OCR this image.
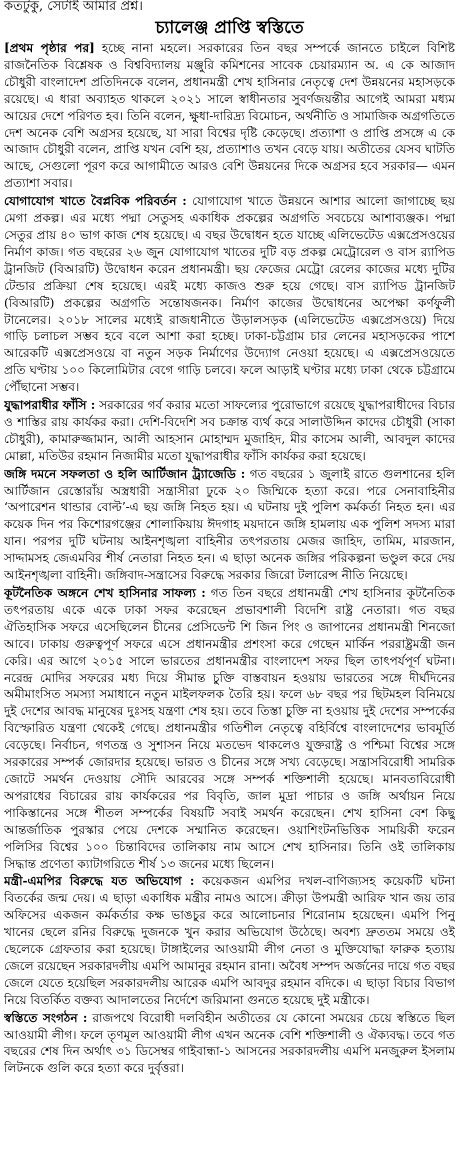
কতটুকু, সেটাই আমার প্রশ্ন।
চ্যালেঞ্জ প্রাপ্তি স্বস্তিতে

[প্রথম পৃষ্ঠার পর] হচ্ছে নানা মহলে। সরকারের তিন বছর সম্পর্কে জানতে চাইলে বিশিষ্ট রাজনৈতিক বিশ্লেষক ও বিশ্ববিদ্যালয় মঞ্জুরি কমিশনের সাবেক চেয়ারম্যান অ. এ কে আজাদ চৌধুরী বাংলাদেশ প্রতিদিনকে বলেন, প্রধানমন্ত্রী শেখ হাসিনার নেতৃত্বে দেশ উন্নয়নের মহাসড়কে রয়েছে। এ ধারা অব্যাহত থাকলে ২০২১ সালে স্বাধীনতার সুবর্ণজয়ন্তীর আগেই আমরা মধ্যম আয়ের দেশে পরিণত হব। তিনি বলেন, ক্ষুধা-দারিদ্র্য বিমোচন, অর্থনীতি ও সামাজিক অগ্রগতিতে দেশ অনেক বেশি অগ্রসর হয়েছে, যা সারা বিশ্বের দৃষ্টি কেড়েছে। প্রত্যাশা ও প্রাপ্তি প্রসঙ্গে এ কে আজাদ চৌধুরী বলেন, প্রাপ্তি যখন বেশি হয়, প্রত্যাশাও তখন বেড়ে যায়। অতীতের যেসব ঘাটতি আছে, সেগুলো পূরণ করে আগামীতে আরও বেশি উন্নয়নের দিকে অগ্রসর হবে সরকার— এমন প্রত্যাশা সবার।

যোগাযোগ খাতে বৈপ্লবিক পরিবর্তন : যোগাযোগ খাতে উন্নয়নে আশার আলো জাগাচ্ছে ছয় মেগা প্রকল্প। এর মধ্যে পদ্মা সেতুসহ একাধিক প্রকল্পের অগ্রগতি সবচেয়ে আশাব্যঞ্জক। পদ্মা সেতুর প্রায় ৪০ ভাগ কাজ শেষ হয়েছে। এ বছর উদ্বোধন হতে যাচ্ছে এলিভেটেড এক্সপ্রেসওয়ের নির্মাণ কাজ। গত বছরের ২৬ জুন যোগাযোগ খাতের দুটি বড় প্রকল্প মেট্রোরেল ও বাস র‍্যাপিড ট্রানজিট (বিআরটি) উদ্বোধন করেন প্রধানমন্ত্রী। ছয় ফেজের মেট্রো রেলের কাজের মধ্যে দুটির টেন্ডার প্রক্রিয়া শেষ হয়েছে। এরই মধ্যে কাজও শুরু হয়ে গেছে। বাস র‍্যাপিড ট্রানজিট (বিআরটি) প্রকল্পের অগ্রগতি সন্তোষজনক। নির্মাণ কাজের উদ্বোধনের অপেক্ষা কর্ণফুলী টানেলের। ২০১৮ সালের মধ্যেই রাজধানীতে উড়ালসড়ক (এলিভেটেড এক্সপ্রেসওয়ে) দিয়ে গাড়ি চলাচল সম্ভব হবে বলে আশা করা হচ্ছে। ঢাকা-চট্টগ্রাম চার লেনের মহাসড়কের পাশে আরেকটি এক্সপ্রেসওয়ে বা নতুন সড়ক নির্মাণের উদ্যোগ নেওয়া হয়েছে। এ এক্সপ্রেসওয়েতে প্রতি ঘণ্টায় ১০০ কিলোমিটার বেগে গাড়ি চলবে। ফলে আড়াই ঘণ্টার মধ্যে ঢাকা থেকে চট্টগ্রামে পৌঁছানো সম্ভব।

যুদ্ধাপরাধীর ফাঁসি : সরকারের গর্ব করার মতো সাফল্যের পুরোভাগে রয়েছে যুদ্ধাপরাধীদের বিচার ও শাস্তির রায় কার্যকর করা। দেশি-বিদেশি সব চক্রান্ত ব্যর্থ করে সালাউদ্দিন কাদের চৌধুরী (সাকা চৌধুরী), কামারুজ্জামান, আলী আহসান মোহাম্মদ মুজাহিদ, মীর কাসেম আলী, আবদুল কাদের মোল্লা, মতিউর রহমান নিজামীর মতো যুদ্ধাপরাধীর ফাঁসি কার্যকর করা হয়েছে।

জঙ্গি দমনে সফলতা ও হলি আর্টিজান ট্র্যাজেডি : গত বছরের ১ জুলাই রাতে গুলশানের হলি আর্টিজান রেস্তোরাঁয় অস্ত্রধারী সন্ত্রাসীরা ঢুকে ২০ জিম্মিকে হত্যা করে। পরে সেনাবাহিনীর ‘অপারেশন থান্ডার বোল্ট’-এ ছয় জঙ্গি নিহত হয়। এ ঘটনায় দুই পুলিশ কর্মকর্তা নিহত হন। এর কয়েক দিন পর কিশোরগঞ্জের শোলাকিয়ায় ঈদগাহ ময়দানে জঙ্গি হামলায় এক পুলিশ সদস্য মারা যান। পরপর দুটি ঘটনায় আইনশৃঙ্খলা বাহিনীর তৎপরতায় মেজর জাহিদ, তামিম, মারজান, সাদ্দামসহ জেএমবির শীর্ষ নেতারা নিহত হন। এ ছাড়া অনেক জঙ্গির পরিকল্পনা ভণ্ডুল করে দেয় আইনশৃঙ্খলা বাহিনী। জঙ্গিবাদ-সন্ত্রাসের বিরুদ্ধে সরকার জিরো টলারেন্স নীতি নিয়েছে।

কূটনৈতিক অঙ্গনে শেখ হাসিনার সাফল্য : গত তিন বছরে প্রধানমন্ত্রী শেখ হাসিনার কূটনৈতিক তৎপরতায় একে একে ঢাকা সফর করেছেন প্রভাবশালী বিদেশি রাষ্ট্র নেতারা। গত বছর ঐতিহাসিক সফরে এসেছিলেন চীনের প্রেসিডেন্ট শি জিন পিং ও জাপানের প্রধানমন্ত্রী শিনজো আবে। ঢাকায় গুরুত্বপূর্ণ সফরে এসে প্রধানমন্ত্রীর প্রশংসা করে গেছেন মার্কিন পররাষ্ট্রমন্ত্রী জন কেরি। এর আগে ২০১৫ সালে ভারতের প্রধানমন্ত্রীর বাংলাদেশ সফর ছিল তাৎপর্যপূর্ণ ঘটনা। নরেন্দ্র মোদির সফরের মধ্য দিয়ে সীমান্ত চুক্তি বাস্তবায়ন হওয়ায় ভারতের সঙ্গে দীর্ঘদিনের অমীমাংসিত সমস্যা সমাধানে নতুন মাইলফলক তৈরি হয়। ফলে ৬৮ বছর পর ছিটমহল বিনিময়ে দুই দেশের আবদ্ধ মানুষের দুঃসহ যন্ত্রণা শেষ হয়। তবে তিস্তা চুক্তি না হওয়ায় দুই দেশের সম্পর্কের বিস্ফোরিত যন্ত্রণা থেকেই গেছে। প্রধানমন্ত্রীর গতিশীল নেতৃত্বে বহির্বিশ্বে বাংলাদেশের ভাবমূর্তি বেড়েছে। নির্বাচন, গণতন্ত্র ও সুশাসন নিয়ে মতভেদ থাকলেও যুক্তরাষ্ট্র ও পশ্চিমা বিশ্বের সঙ্গে সরকারের সম্পর্ক জোরদার হয়েছে। ভারত ও চীনের সঙ্গে সখ্য বেড়েছে। সন্ত্রাসবিরোধী সামরিক জোটে সমর্থন দেওয়ায় সৌদি আরবের সঙ্গে সম্পর্ক শক্তিশালী হয়েছে। মানবতাবিরোধী অপরাধের বিচারের রায় কার্যকরের পর বিবৃতি, জাল মুদ্রা পাচার ও জঙ্গি অর্থায়ন নিয়ে পাকিস্তানের সঙ্গে শীতল সম্পর্কের বিষয়টি সবাই সমর্থন করেছেন। শেখ হাসিনা বেশ কিছু আন্তর্জাতিক পুরস্কার পেয়ে দেশকে সম্মানিত করেছেন। ওয়াশিংটনভিত্তিক সাময়িকী ফরেন পলিসির বিশ্বের ১০০ চিন্তাবিদের তালিকায় নাম আসে শেখ হাসিনার। তিনি ওই তালিকায় সিদ্ধান্ত প্রণেতা ক্যাটাগরিতে শীর্ষ ১৩ জনের মধ্যে ছিলেন।

মন্ত্রী-এমপির বিরুদ্ধে যত অভিযোগ : কয়েকজন এমপির দখল-বাণিজ্যসহ কয়েকটি ঘটনা বিতর্কের জন্ম দেয়। এ ছাড়া একাধিক মন্ত্রীর নামও আসে। ক্রীড়া উপমন্ত্রী আরিফ খান জয় তার অফিসের একজন কর্মকর্তার কক্ষ ভাঙচুর করে আলোচনার শিরোনাম হয়েছেন। এমপি পিনু খানের ছেলে রনির বিরুদ্ধে দুজনকে খুন করার অভিযোগ উঠেছে। অবশ্য দ্রুততম সময়ে ওই ছেলেকে গ্রেফতার করা হয়েছে। টাঙ্গাইলের আওয়ামী লীগ নেতা ও মুক্তিযোদ্ধা ফারুক হত্যায় জেলে রয়েছেন সরকারদলীয় এমপি আমানুর রহমান রানা। অবৈধ সম্পদ অর্জনের দায়ে গত বছর জেলে যেতে হয়েছিল সরকারদলীয় আরেক এমপি আবদুর রহমান বদিকে। এ ছাড়া বিচার বিভাগ নিয়ে বিতর্কিত বক্তব্য আদালতের নির্দেশে জরিমানা গুনতে হয়েছে দুই মন্ত্রীকে।

স্বস্তিতে সংগঠন : রাজপথে বিরোধী দলবিহীন অতীতের যে কোনো সময়ের চেয়ে স্বস্তিতে ছিল আওয়ামী লীগ। ফলে তৃণমূল আওয়ামী লীগ এখন অনেক বেশি শক্তিশালী ও ঐক্যবদ্ধ। তবে গত বছরের শেষ দিন অর্থাৎ ৩১ ডিসেম্বর গাইবান্ধা-১ আসনের সরকারদলীয় এমপি মনজুরুল ইসলাম লিটনকে গুলি করে হত্যা করে দুর্বৃত্তরা।
